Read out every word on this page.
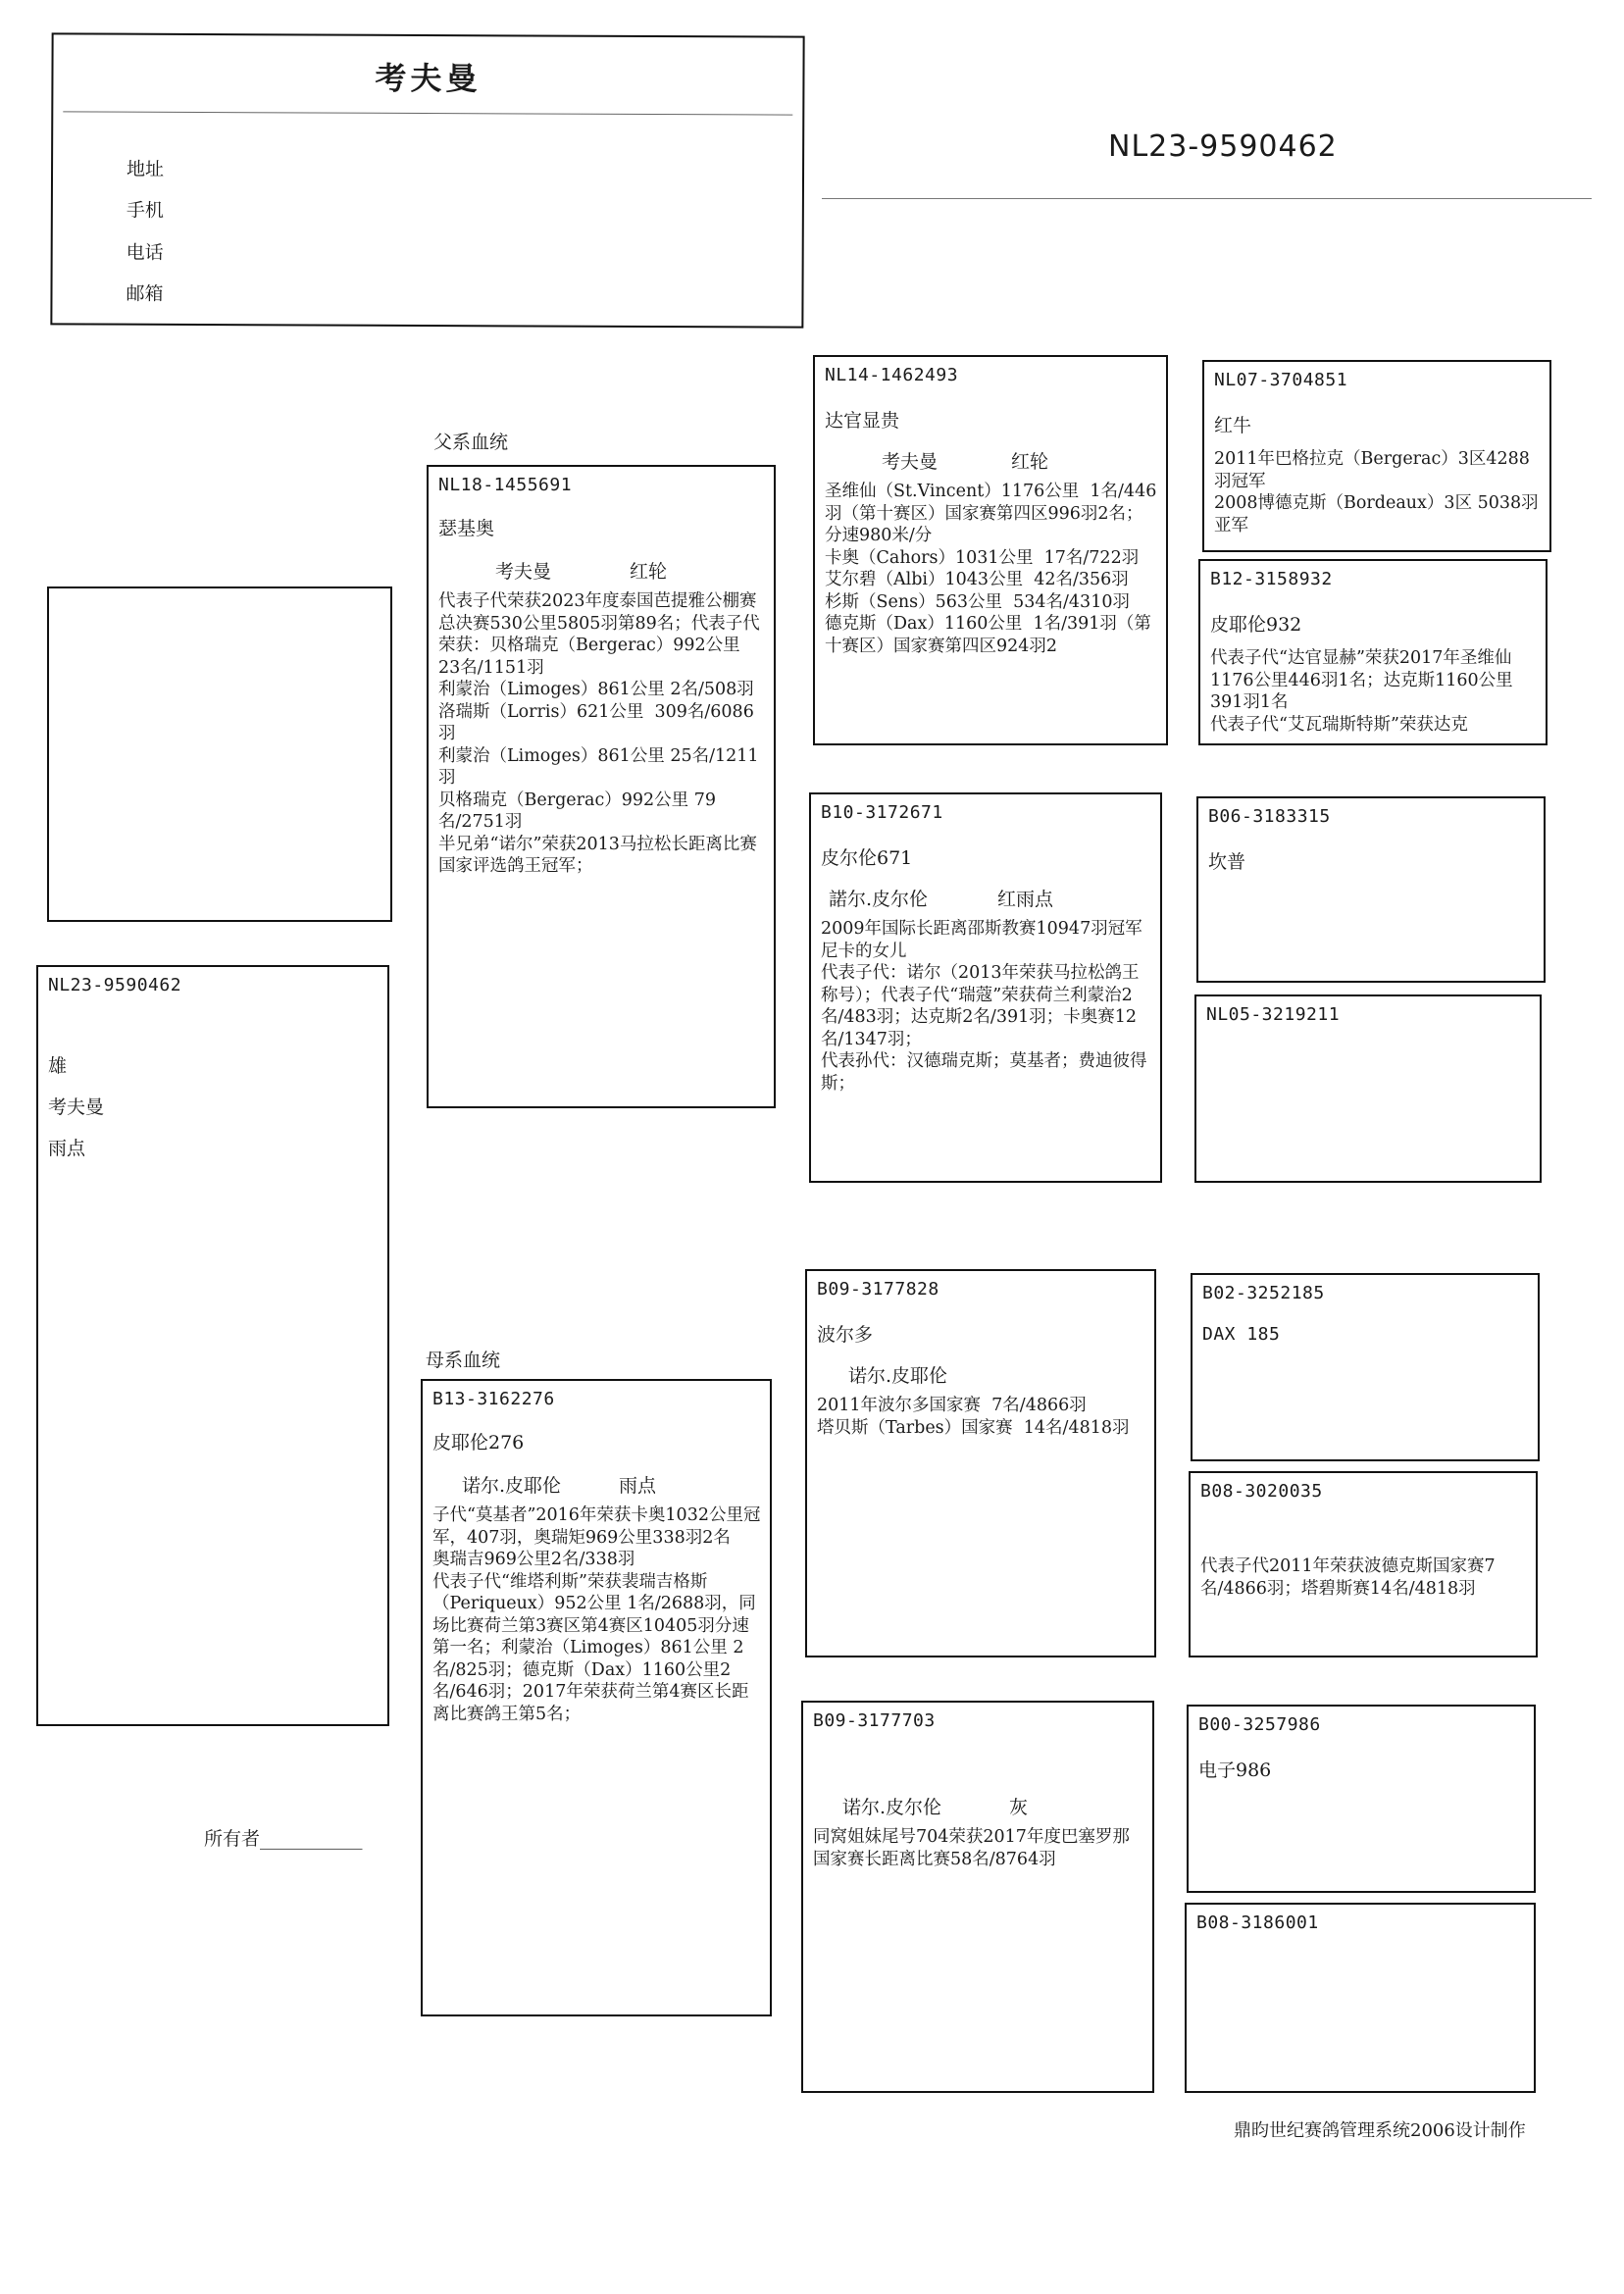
考夫曼
地址
手机
电话
邮箱
NL23-9590462
NL23-9590462
雄
考夫曼
雨点
所有者___________
父系血统
母系血统
NL18-1455691
瑟基奥
考夫曼	红轮
代表子代荣获2023年度泰国芭提雅公棚赛总决赛530公里5805羽第89名；代表子代荣获：贝格瑞克（Bergerac）992公里 23名/1151羽
利蒙治（Limoges）861公里 2名/508羽
洛瑞斯（Lorris）621公里  309名/6086羽
利蒙治（Limoges）861公里 25名/1211羽
贝格瑞克（Bergerac）992公里 79名/2751羽
半兄弟“诺尔”荣获2013马拉松长距离比赛国家评选鸽王冠军；
B13-3162276
皮耶伦276
诺尔.皮耶伦	雨点
子代“莫基者”2016年荣获卡奥1032公里冠军，407羽，奥瑞矩969公里338羽2名
奥瑞吉969公里2名/338羽
代表子代“维塔利斯”荣获裴瑞吉格斯（Periqueux）952公里 1名/2688羽，同场比赛荷兰第3赛区第4赛区10405羽分速第一名；利蒙治（Limoges）861公里 2名/825羽；德克斯（Dax）1160公里2名/646羽；2017年荣获荷兰第4赛区长距离比赛鸽王第5名；
NL14-1462493
达官显贵
考夫曼	红轮
圣维仙（St.Vincent）1176公里  1名/446羽（第十赛区）国家赛第四区996羽2名；分速980米/分
卡奥（Cahors）1031公里  17名/722羽
艾尔碧（Albi）1043公里  42名/356羽
杉斯（Sens）563公里  534名/4310羽
德克斯（Dax）1160公里  1名/391羽（第十赛区）国家赛第四区924羽2
B10-3172671
皮尔伦671
諾尔.皮尔伦	红雨点
2009年国际长距离邵斯教赛10947羽冠军尼卡的女儿
代表子代：诺尔（2013年荣获马拉松鸽王称号）；代表子代“瑞蔻”荣获荷兰利蒙治2名/483羽；达克斯2名/391羽；卡奥赛12名/1347羽；
代表孙代：汉德瑞克斯；莫基者；费迪彼得斯；
B09-3177828
波尔多
诺尔.皮耶伦
2011年波尔多国家赛  7名/4866羽
塔贝斯（Tarbes）国家赛  14名/4818羽
B09-3177703
诺尔.皮尔伦	灰
同窝姐妹尾号704荣获2017年度巴塞罗那国家赛长距离比赛58名/8764羽
NL07-3704851
红牛
2011年巴格拉克（Bergerac）3区4288羽冠军
2008博德克斯（Bordeaux）3区 5038羽 亚军
B12-3158932
皮耶伦932
代表子代“达官显赫”荣获2017年圣维仙1176公里446羽1名；达克斯1160公里391羽1名
代表子代“艾瓦瑞斯特斯”荣获达克
B06-3183315
坎普
NL05-3219211
B02-3252185
DAX 185
B08-3020035
代表子代2011年荣获波德克斯国家赛7名/4866羽；塔碧斯赛14名/4818羽
B00-3257986
电子986
B08-3186001
鼎昀世纪赛鸽管理系统2006设计制作
